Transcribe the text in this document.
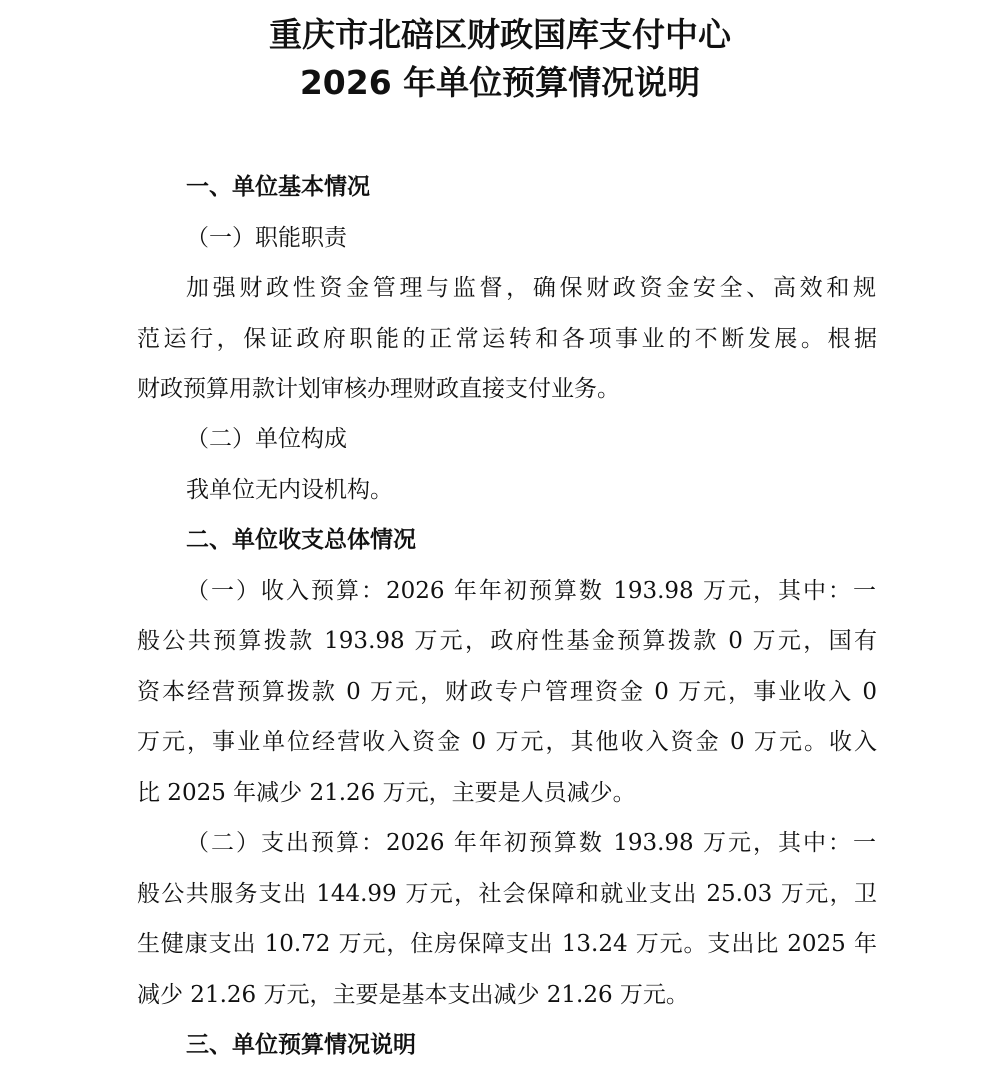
重庆市北碚区财政国库支付中心
2026 年单位预算情况说明
一、单位基本情况
（一）职能职责
加强财政性资金管理与监督，确保财政资金安全、高效和规
范运行，保证政府职能的正常运转和各项事业的不断发展。根据
财政预算用款计划审核办理财政直接支付业务。
（二）单位构成
我单位无内设机构。
二、单位收支总体情况
（一）收入预算：2026 年年初预算数 193.98 万元，其中：一
般公共预算拨款 193.98 万元，政府性基金预算拨款 0 万元，国有
资本经营预算拨款 0 万元，财政专户管理资金 0 万元，事业收入 0
万元，事业单位经营收入资金 0 万元，其他收入资金 0 万元。收入
比 2025 年减少 21.26 万元，主要是人员减少。
（二）支出预算：2026 年年初预算数 193.98 万元，其中：一
般公共服务支出 144.99 万元，社会保障和就业支出 25.03 万元，卫
生健康支出 10.72 万元，住房保障支出 13.24 万元。支出比 2025 年
减少 21.26 万元，主要是基本支出减少 21.26 万元。
三、单位预算情况说明
